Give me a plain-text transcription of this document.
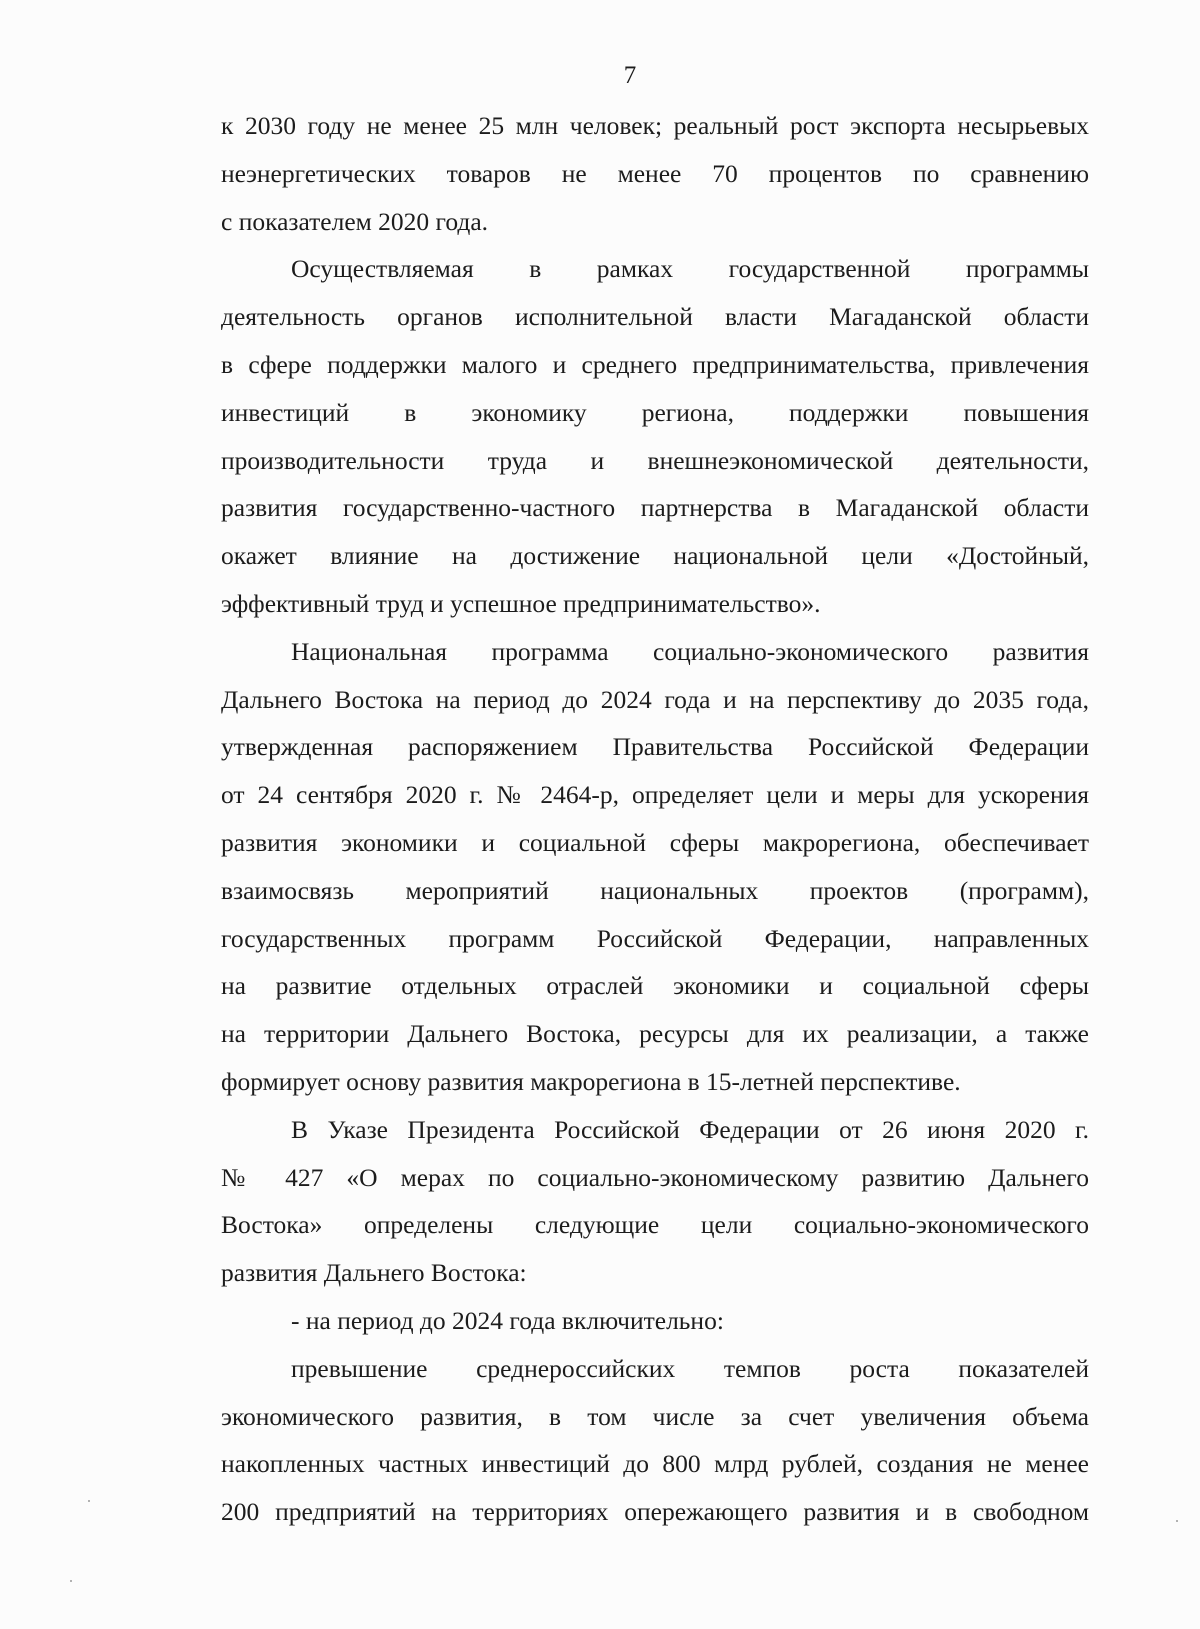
7
к 2030 году не менее 25 млн человек; реальный рост экспорта несырьевых
неэнергетических товаров не менее 70 процентов по сравнению
с показателем 2020 года.
Осуществляемая в рамках государственной программы
деятельность органов исполнительной власти Магаданской области
в сфере поддержки малого и среднего предпринимательства, привлечения
инвестиций в экономику региона, поддержки повышения
производительности труда и внешнеэкономической деятельности,
развития государственно-частного партнерства в Магаданской области
окажет влияние на достижение национальной цели «Достойный,
эффективный труд и успешное предпринимательство».
Национальная программа социально-экономического развития
Дальнего Востока на период до 2024 года и на перспективу до 2035 года,
утвержденная распоряжением Правительства Российской Федерации
от 24 сентября 2020 г. № 2464-р, определяет цели и меры для ускорения
развития экономики и социальной сферы макрорегиона, обеспечивает
взаимосвязь мероприятий национальных проектов (программ),
государственных программ Российской Федерации, направленных
на развитие отдельных отраслей экономики и социальной сферы
на территории Дальнего Востока, ресурсы для их реализации, а также
формирует основу развития макрорегиона в 15-летней перспективе.
В Указе Президента Российской Федерации от 26 июня 2020 г.
№ 427 «О мерах по социально-экономическому развитию Дальнего
Востока» определены следующие цели социально-экономического
развития Дальнего Востока:
- на период до 2024 года включительно:
превышение среднероссийских темпов роста показателей
экономического развития, в том числе за счет увеличения объема
накопленных частных инвестиций до 800 млрд рублей, создания не менее
200 предприятий на территориях опережающего развития и в свободном
